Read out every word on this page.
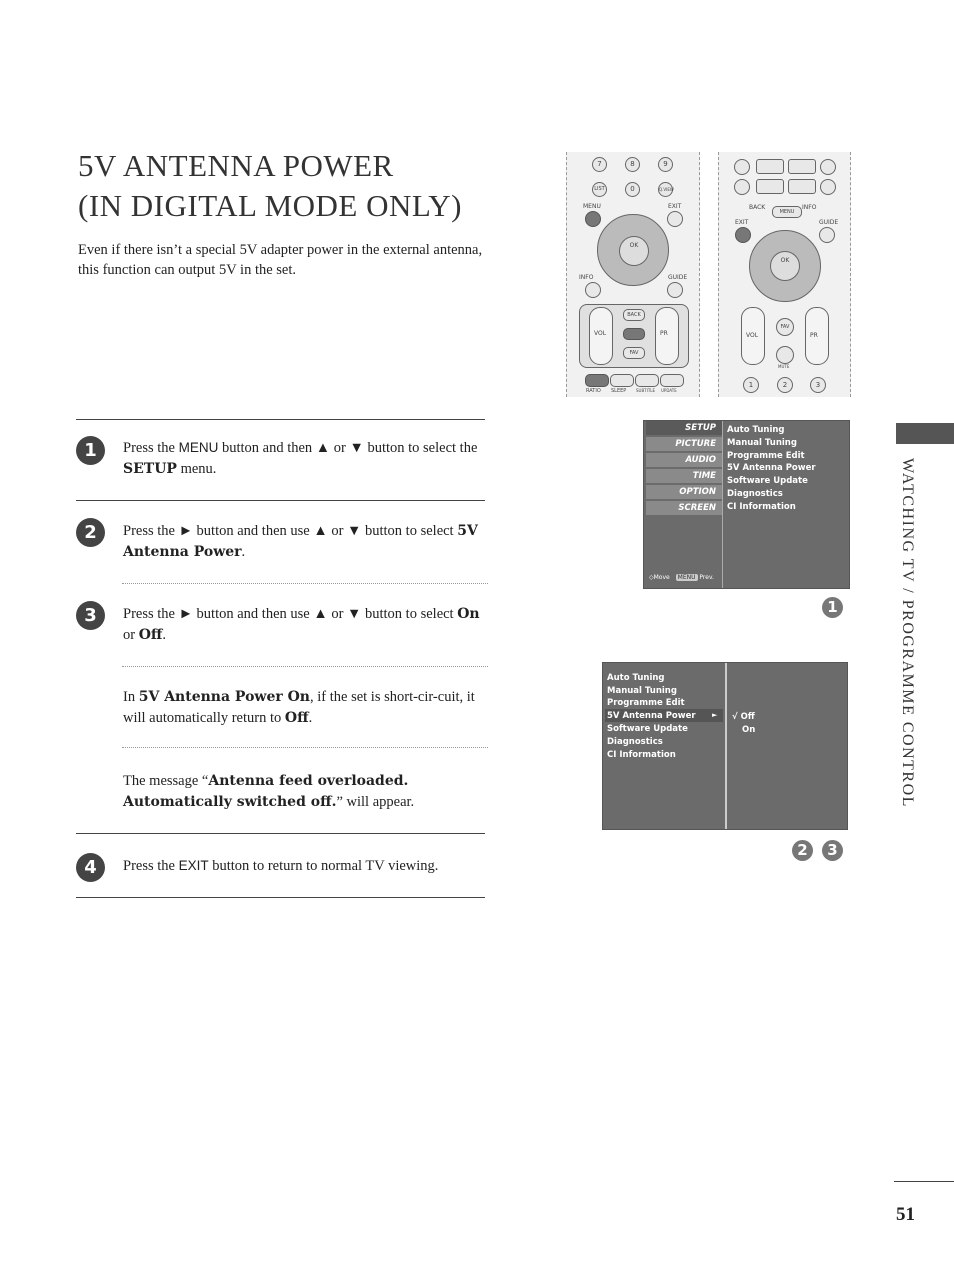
5V ANTENNA POWER
(IN DIGITAL MODE ONLY)
Even if there isn’t a special 5V adapter power in the external antenna, this function can output 5V in the set.
1	Press the MENU button and then ▲ or ▼ button to select the SETUP menu.
2	Press the ► button and then use ▲ or ▼ button to select 5V Antenna Power.
3	Press the ► button and then use ▲ or ▼ button to select On or Off.
In 5V Antenna Power On, if the set is short-cir-cuit, it will automatically return to Off.
The message “Antenna feed overloaded. Automatically switched off.” will appear.
4	Press the EXIT button to return to normal TV viewing.
7	8	9
LIST	0	Q.VIEW
MENU	EXIT
OK
INFO	GUIDE
VOL	PR
BACK
FAV
RATIO SLEEP SUBTITLE UPDATE
BACK
MENU
INFO
EXIT	GUIDE
OK
VOL	PR
FAV
MUTE
1	2	3
SETUP
PICTURE
AUDIO
TIME
OPTION
SCREEN
Auto Tuning
Manual Tuning
Programme Edit
5V Antenna Power
Software Update
Diagnostics
CI Information
◇Move MENU Prev.
1
Auto Tuning
Manual Tuning
Programme Edit
5V Antenna Power ►
Software Update
Diagnostics
CI Information
√ Off
On
2	3
WATCHING TV / PROGRAMME CONTROL
51
